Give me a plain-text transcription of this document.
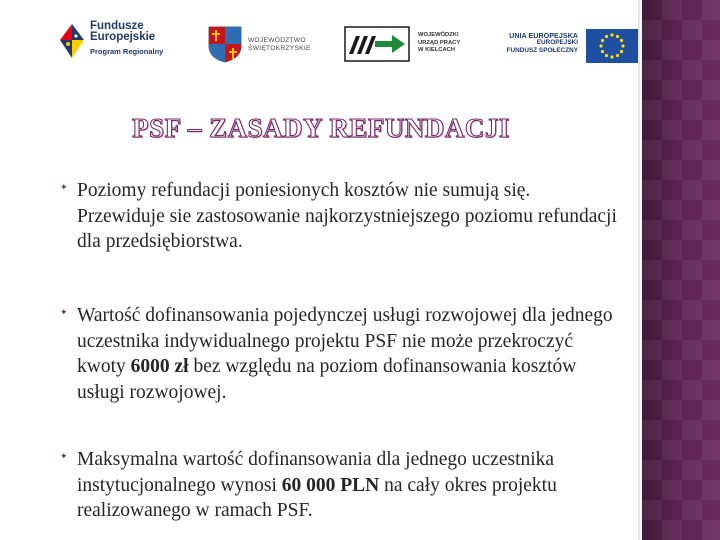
Fundusze
Europejskie
Program Regionalny
WOJEWÓDZTWO
ŚWIĘTOKRZYSKIE
WOJEWÓDZKI
URZĄD PRACY
W KIELCACH
UNIA EUROPEJSKA
EUROPEJSKI
FUNDUSZ SPOŁECZNY
PSF – ZASADY REFUNDACJI
✦ Poziomy refundacji poniesionych kosztów nie sumują się. Przewiduje sie zastosowanie najkorzystniejszego poziomu refundacji dla przedsiębiorstwa.
✦ Wartość dofinansowania pojedynczej usługi rozwojowej dla jednego uczestnika indywidualnego projektu PSF nie może przekroczyć kwoty 6000 zł bez względu na poziom dofinansowania kosztów usługi rozwojowej.
✦ Maksymalna wartość dofinansowania dla jednego uczestnika instytucjonalnego wynosi 60 000 PLN na cały okres projektu realizowanego w ramach PSF.
